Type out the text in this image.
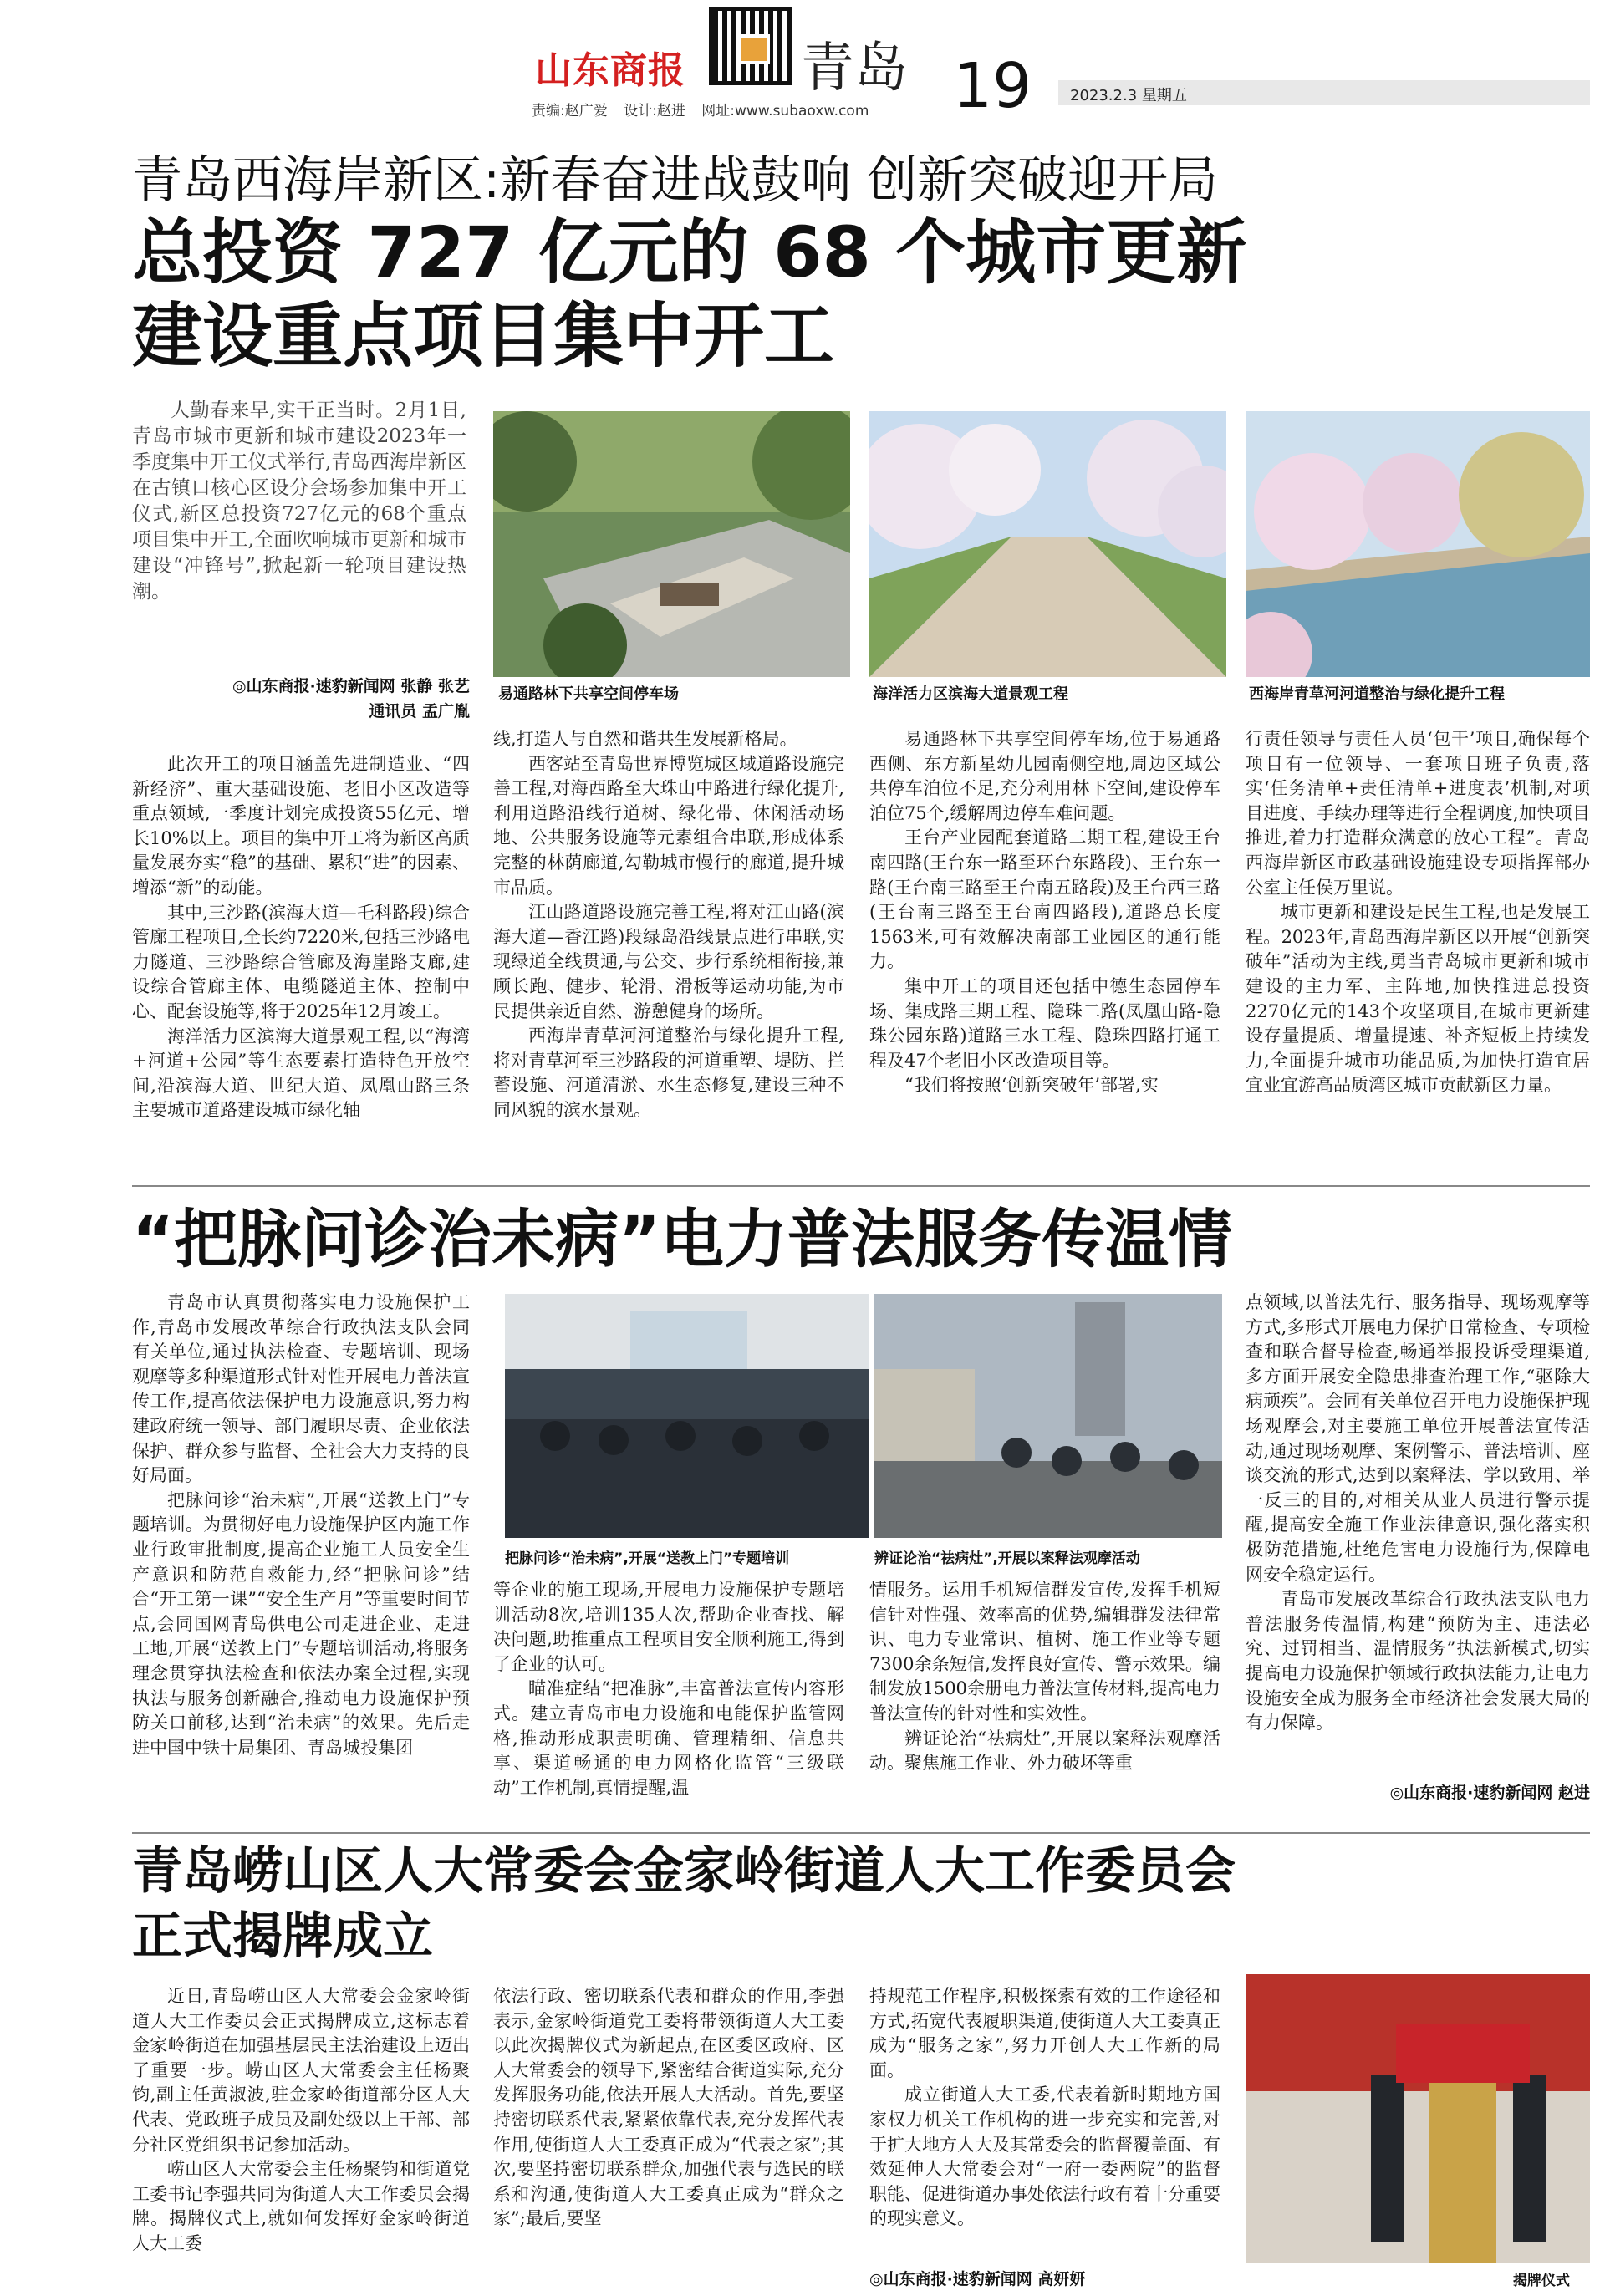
山东商报 青岛
责编:赵广爱 设计:赵进 网址:www.subaoxw.com 19	2023.2.3 星期五
青岛西海岸新区:新春奋进战鼓响 创新突破迎开局
总投资 727 亿元的 68 个城市更新
建设重点项目集中开工
人勤春来早,实干正当时。2月1日,青岛市城市更新和城市建设2023年一季度集中开工仪式举行,青岛西海岸新区在古镇口核心区设分会场参加集中开工仪式,新区总投资727亿元的68个重点项目集中开工,全面吹响城市更新和城市建设“冲锋号”,掀起新一轮项目建设热潮。
◎山东商报·速豹新闻网 张静 张艺
通讯员 孟广胤
易通路林下共享空间停车场	海洋活力区滨海大道景观工程	西海岸青草河河道整治与绿化提升工程

此次开工的项目涵盖先进制造业、“四新经济”、重大基础设施、老旧小区改造等重点领域,一季度计划完成投资55亿元、增长10%以上。项目的集中开工将为新区高质量发展夯实“稳”的基础、累积“进”的因素、增添“新”的动能。

其中,三沙路(滨海大道—乇科路段)综合管廊工程项目,全长约7220米,包括三沙路电力隧道、三沙路综合管廊及海崖路支廊,建设综合管廊主体、电缆隧道主体、控制中心、配套设施等,将于2025年12月竣工。

海洋活力区滨海大道景观工程,以“海湾+河道+公园”等生态要素打造特色开放空间,沿滨海大道、世纪大道、凤凰山路三条主要城市道路建设城市绿化轴

线,打造人与自然和谐共生发展新格局。

西客站至青岛世界博览城区域道路设施完善工程,对海西路至大珠山中路进行绿化提升,利用道路沿线行道树、绿化带、休闲活动场地、公共服务设施等元素组合串联,形成体系完整的林荫廊道,勾勒城市慢行的廊道,提升城市品质。

江山路道路设施完善工程,将对江山路(滨海大道—香江路)段绿岛沿线景点进行串联,实现绿道全线贯通,与公交、步行系统相衔接,兼顾长跑、健步、轮滑、滑板等运动功能,为市民提供亲近自然、游憩健身的场所。

西海岸青草河河道整治与绿化提升工程,将对青草河至三沙路段的河道重塑、堤防、拦蓄设施、河道清淤、水生态修复,建设三种不同风貌的滨水景观。

易通路林下共享空间停车场,位于易通路西侧、东方新星幼儿园南侧空地,周边区域公共停车泊位不足,充分利用林下空间,建设停车泊位75个,缓解周边停车难问题。

王台产业园配套道路二期工程,建设王台南四路(王台东一路至环台东路段)、王台东一路(王台南三路至王台南五路段)及王台西三路(王台南三路至王台南四路段),道路总长度1563米,可有效解决南部工业园区的通行能力。

集中开工的项目还包括中德生态园停车场、集成路三期工程、隐珠二路(凤凰山路-隐珠公园东路)道路三水工程、隐珠四路打通工程及47个老旧小区改造项目等。

“我们将按照‘创新突破年’部署,实

行责任领导与责任人员‘包干’项目,确保每个项目有一位领导、一套项目班子负责,落实‘任务清单+责任清单+进度表’机制,对项目进度、手续办理等进行全程调度,加快项目推进,着力打造群众满意的放心工程”。青岛西海岸新区市政基础设施建设专项指挥部办公室主任侯万里说。

城市更新和建设是民生工程,也是发展工程。2023年,青岛西海岸新区以开展“创新突破年”活动为主线,勇当青岛城市更新和城市建设的主力军、主阵地,加快推进总投资2270亿元的143个攻坚项目,在城市更新建设存量提质、增量提速、补齐短板上持续发力,全面提升城市功能品质,为加快打造宜居宜业宜游高品质湾区城市贡献新区力量。

“把脉问诊治未病”电力普法服务传温情

青岛市认真贯彻落实电力设施保护工作,青岛市发展改革综合行政执法支队会同有关单位,通过执法检查、专题培训、现场观摩等多种渠道形式针对性开展电力普法宣传工作,提高依法保护电力设施意识,努力构建政府统一领导、部门履职尽责、企业依法保护、群众参与监督、全社会大力支持的良好局面。

把脉问诊“治未病”,开展“送教上门”专题培训。为贯彻好电力设施保护区内施工作业行政审批制度,提高企业施工人员安全生产意识和防范自救能力,经“把脉问诊”结合“开工第一课”“安全生产月”等重要时间节点,会同国网青岛供电公司走进企业、走进工地,开展“送教上门”专题培训活动,将服务理念贯穿执法检查和依法办案全过程,实现执法与服务创新融合,推动电力设施保护预防关口前移,达到“治未病”的效果。先后走进中国中铁十局集团、青岛城投集团

把脉问诊“治未病”,开展“送教上门”专题培训	辨证论治“祛病灶”,开展以案释法观摩活动

等企业的施工现场,开展电力设施保护专题培训活动8次,培训135人次,帮助企业查找、解决问题,助推重点工程项目安全顺利施工,得到了企业的认可。

瞄准症结“把准脉”,丰富普法宣传内容形式。建立青岛市电力设施和电能保护监管网格,推动形成职责明确、管理精细、信息共享、渠道畅通的电力网格化监管“三级联动”工作机制,真情提醒,温

情服务。运用手机短信群发宣传,发挥手机短信针对性强、效率高的优势,编辑群发法律常识、电力专业常识、植树、施工作业等专题7300余条短信,发挥良好宣传、警示效果。编制发放1500余册电力普法宣传材料,提高电力普法宣传的针对性和实效性。

辨证论治“祛病灶”,开展以案释法观摩活动。聚焦施工作业、外力破坏等重

点领域,以普法先行、服务指导、现场观摩等方式,多形式开展电力保护日常检查、专项检查和联合督导检查,畅通举报投诉受理渠道,多方面开展安全隐患排查治理工作,“驱除大病顽疾”。会同有关单位召开电力设施保护现场观摩会,对主要施工单位开展普法宣传活动,通过现场观摩、案例警示、普法培训、座谈交流的形式,达到以案释法、学以致用、举一反三的目的,对相关从业人员进行警示提醒,提高安全施工作业法律意识,强化落实积极防范措施,杜绝危害电力设施行为,保障电网安全稳定运行。

青岛市发展改革综合行政执法支队电力普法服务传温情,构建“预防为主、违法必究、过罚相当、温情服务”执法新模式,切实提高电力设施保护领域行政执法能力,让电力设施安全成为服务全市经济社会发展大局的有力保障。

◎山东商报·速豹新闻网 赵进
青岛崂山区人大常委会金家岭街道人大工作委员会
正式揭牌成立

近日,青岛崂山区人大常委会金家岭街道人大工作委员会正式揭牌成立,这标志着金家岭街道在加强基层民主法治建设上迈出了重要一步。崂山区人大常委会主任杨聚钧,副主任黄淑波,驻金家岭街道部分区人大代表、党政班子成员及副处级以上干部、部分社区党组织书记参加活动。

崂山区人大常委会主任杨聚钧和街道党工委书记李强共同为街道人大工作委员会揭牌。揭牌仪式上,就如何发挥好金家岭街道人大工委

依法行政、密切联系代表和群众的作用,李强表示,金家岭街道党工委将带领街道人大工委以此次揭牌仪式为新起点,在区委区政府、区人大常委会的领导下,紧密结合街道实际,充分发挥服务功能,依法开展人大活动。首先,要坚持密切联系代表,紧紧依靠代表,充分发挥代表作用,使街道人大工委真正成为“代表之家”;其次,要坚持密切联系群众,加强代表与选民的联系和沟通,使街道人大工委真正成为“群众之家”;最后,要坚

持规范工作程序,积极探索有效的工作途径和方式,拓宽代表履职渠道,使街道人大工委真正成为“服务之家”,努力开创人大工作新的局面。

成立街道人大工委,代表着新时期地方国家权力机关工作机构的进一步充实和完善,对于扩大地方人大及其常委会的监督覆盖面、有效延伸人大常委会对“一府一委两院”的监督职能、促进街道办事处依法行政有着十分重要的现实意义。

◎山东商报·速豹新闻网 高妍妍	揭牌仪式
